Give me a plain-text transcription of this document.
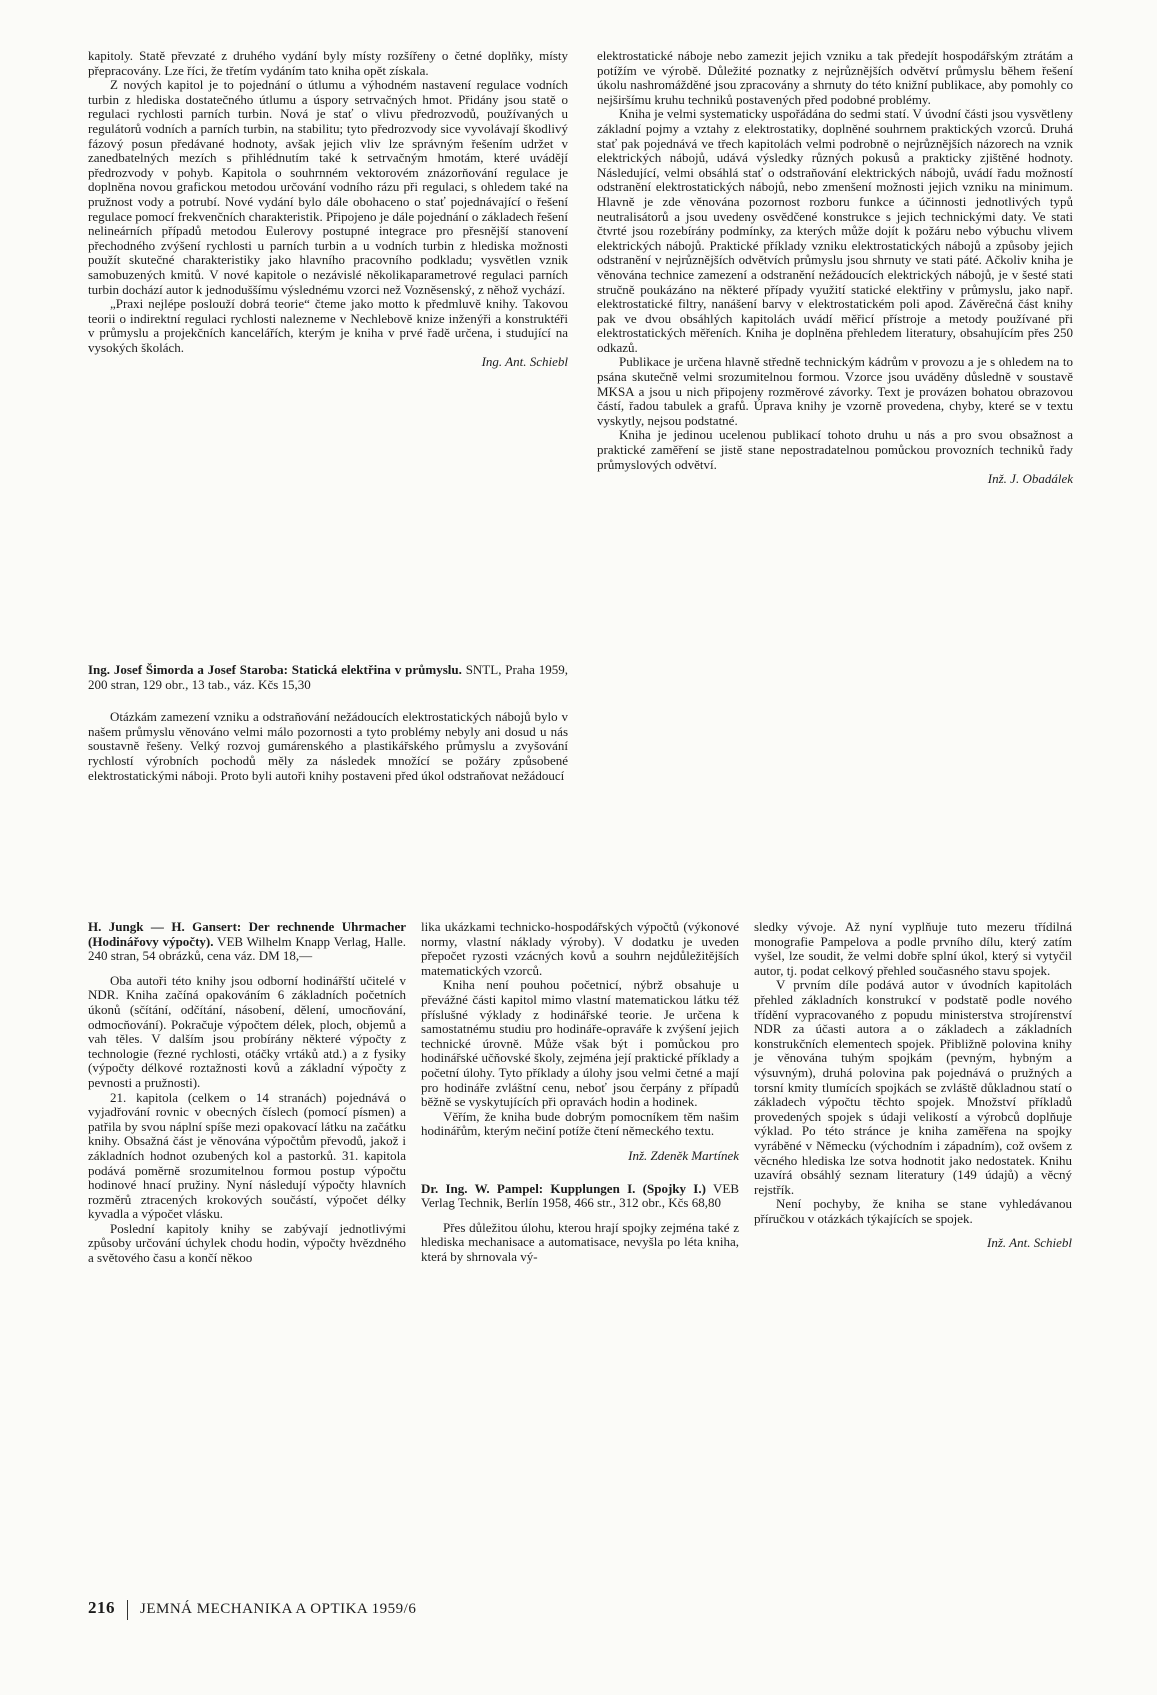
kapitoly. Statě převzaté z druhého vydání byly místy rozšířeny o četné doplňky, místy přepracovány. Lze říci, že třetím vydáním tato kniha opět získala.

Z nových kapitol je to pojednání o útlumu a výhodném nastavení regulace vodních turbin z hlediska dostatečného útlumu a úspory setrvačných hmot. Přidány jsou statě o regulaci rychlosti parních turbin. Nová je stať o vlivu předrozvodů, používaných u regulátorů vodních a parních turbin, na stabilitu; tyto předrozvody sice vyvolávají škodlivý fázový posun předávané hodnoty, avšak jejich vliv lze správným řešením udržet v zanedbatelných mezích s přihlédnutím také k setrvačným hmotám, které uvádějí předrozvody v pohyb. Kapitola o souhrnném vektorovém znázorňování regulace je doplněna novou grafickou metodou určování vodního rázu při regulaci, s ohledem také na pružnost vody a potrubí. Nové vydání bylo dále obohaceno o stať pojednávající o řešení regulace pomocí frekvenčních charakteristik. Připojeno je dále pojednání o základech řešení nelineárních případů metodou Eulerovy postupné integrace pro přesnější stanovení přechodného zvýšení rychlosti u parních turbin a u vodních turbin z hlediska možnosti použít skutečné charakteristiky jako hlavního pracovního podkladu; vysvětlen vznik samobuzených kmitů. V nové kapitole o nezávislé několikaparametrové regulaci parních turbin dochází autor k jednoduššímu výslednému vzorci než Vozněsenský, z něhož vychází.

„Praxi nejlépe poslouží dobrá teorie“ čteme jako motto k předmluvě knihy. Takovou teorii o indirektní regulaci rychlosti nalezneme v Nechlebově knize inženýři a konstruktéři v průmyslu a projekčních kancelářích, kterým je kniha v prvé řadě určena, i studující na vysokých školách.

Ing. Ant. Schiebl

Ing. Josef Šimorda a Josef Staroba: Statická elektřina v průmyslu. SNTL, Praha 1959, 200 stran, 129 obr., 13 tab., váz. Kčs 15,30

Otázkám zamezení vzniku a odstraňování nežádoucích elektrostatických nábojů bylo v našem průmyslu věnováno velmi málo pozornosti a tyto problémy nebyly ani dosud u nás soustavně řešeny. Velký rozvoj gumárenského a plastikářského průmyslu a zvyšování rychlostí výrobních pochodů měly za následek množící se požáry způsobené elektrostatickými náboji. Proto byli autoři knihy postaveni před úkol odstraňovat nežádoucí

elektrostatické náboje nebo zamezit jejich vzniku a tak předejít hospodářským ztrátám a potížím ve výrobě. Důležité poznatky z nejrůznějších odvětví průmyslu během řešení úkolu nashromážděné jsou zpracovány a shrnuty do této knižní publikace, aby pomohly co nejširšímu kruhu techniků postavených před podobné problémy.

Kniha je velmi systematicky uspořádána do sedmi statí. V úvodní části jsou vysvětleny základní pojmy a vztahy z elektrostatiky, doplněné souhrnem praktických vzorců. Druhá stať pak pojednává ve třech kapitolách velmi podrobně o nejrůznějších názorech na vznik elektrických nábojů, udává výsledky různých pokusů a prakticky zjištěné hodnoty. Následující, velmi obsáhlá stať o odstraňování elektrických nábojů, uvádí řadu možností odstranění elektrostatických nábojů, nebo zmenšení možnosti jejich vzniku na minimum. Hlavně je zde věnována pozornost rozboru funkce a účinnosti jednotlivých typů neutralisátorů a jsou uvedeny osvědčené konstrukce s jejich technickými daty. Ve stati čtvrté jsou rozebírány podmínky, za kterých může dojít k požáru nebo výbuchu vlivem elektrických nábojů. Praktické příklady vzniku elektrostatických nábojů a způsoby jejich odstranění v nejrůznějších odvětvích průmyslu jsou shrnuty ve stati páté. Ačkoliv kniha je věnována technice zamezení a odstranění nežádoucích elektrických nábojů, je v šesté stati stručně poukázáno na některé případy využití statické elektřiny v průmyslu, jako např. elektrostatické filtry, nanášení barvy v elektrostatickém poli apod. Závěrečná část knihy pak ve dvou obsáhlých kapitolách uvádí měřicí přístroje a metody používané při elektrostatických měřeních. Kniha je doplněna přehledem literatury, obsahujícím přes 250 odkazů.

Publikace je určena hlavně středně technickým kádrům v provozu a je s ohledem na to psána skutečně velmi srozumitelnou formou. Vzorce jsou uváděny důsledně v soustavě MKSA a jsou u nich připojeny rozměrové závorky. Text je provázen bohatou obrazovou částí, řadou tabulek a grafů. Úprava knihy je vzorně provedena, chyby, které se v textu vyskytly, nejsou podstatné.

Kniha je jedinou ucelenou publikací tohoto druhu u nás a pro svou obsažnost a praktické zaměření se jistě stane nepostradatelnou pomůckou provozních techniků řady průmyslových odvětví.

Inž. J. Obadálek

H. Jungk — H. Gansert: Der rechnende Uhrmacher (Hodinářovy výpočty). VEB Wilhelm Knapp Verlag, Halle. 240 stran, 54 obrázků, cena váz. DM 18,—

Oba autoři této knihy jsou odborní hodinářští učitelé v NDR. Kniha začíná opakováním 6 základních početních úkonů (sčítání, odčítání, násobení, dělení, umocňování, odmocňování). Pokračuje výpočtem délek, ploch, objemů a vah těles. V dalším jsou probírány některé výpočty z technologie (řezné rychlosti, otáčky vrtáků atd.) a z fysiky (výpočty délkové roztažnosti kovů a základní výpočty z pevnosti a pružnosti).

21. kapitola (celkem o 14 stranách) pojednává o vyjadřování rovnic v obecných číslech (pomocí písmen) a patřila by svou náplní spíše mezi opakovací látku na začátku knihy. Obsažná část je věnována výpočtům převodů, jakož i základních hodnot ozubených kol a pastorků. 31. kapitola podává poměrně srozumitelnou formou postup výpočtu hodinové hnací pružiny. Nyní následují výpočty hlavních rozměrů ztracených krokových součástí, výpočet délky kyvadla a výpočet vlásku.

Poslední kapitoly knihy se zabývají jednotlivými způsoby určování úchylek chodu hodin, výpočty hvězdného a světového času a končí někoo

lika ukázkami technicko-hospodářských výpočtů (výkonové normy, vlastní náklady výroby). V dodatku je uveden přepočet ryzosti vzácných kovů a souhrn nejdůležitějších matematických vzorců.

Kniha není pouhou početnicí, nýbrž obsahuje u převážné části kapitol mimo vlastní matematickou látku též příslušné výklady z hodinářské teorie. Je určena k samostatnému studiu pro hodináře-opraváře k zvýšení jejich technické úrovně. Může však být i pomůckou pro hodinářské učňovské školy, zejména její praktické příklady a početní úlohy. Tyto příklady a úlohy jsou velmi četné a mají pro hodináře zvláštní cenu, neboť jsou čerpány z případů běžně se vyskytujících při opravách hodin a hodinek.

Věřím, že kniha bude dobrým pomocníkem těm našim hodinářům, kterým nečiní potíže čtení německého textu.

Inž. Zdeněk Martínek

Dr. Ing. W. Pampel: Kupplungen I. (Spojky I.) VEB Verlag Technik, Berlín 1958, 466 str., 312 obr., Kčs 68,80

Přes důležitou úlohu, kterou hrají spojky zejména také z hlediska mechanisace a automatisace, nevyšla po léta kniha, která by shrnovala vý-

sledky vývoje. Až nyní vyplňuje tuto mezeru třídilná monografie Pampelova a podle prvního dílu, který zatím vyšel, lze soudit, že velmi dobře splní úkol, který si vytyčil autor, tj. podat celkový přehled současného stavu spojek.

V prvním díle podává autor v úvodních kapitolách přehled základních konstrukcí v podstatě podle nového třídění vypracovaného z popudu ministerstva strojírenství NDR za účasti autora a o základech a základních konstrukčních elementech spojek. Přibližně polovina knihy je věnována tuhým spojkám (pevným, hybným a výsuvným), druhá polovina pak pojednává o pružných a torsní kmity tlumících spojkách se zvláště důkladnou statí o základech výpočtu těchto spojek. Množství příkladů provedených spojek s údaji velikostí a výrobců doplňuje výklad. Po této stránce je kniha zaměřena na spojky vyráběné v Německu (východním i západním), což ovšem z věcného hlediska lze sotva hodnotit jako nedostatek. Knihu uzavírá obsáhlý seznam literatury (149 údajů) a věcný rejstřík.

Není pochyby, že kniha se stane vyhledávanou příručkou v otázkách týkajících se spojek.

Inž. Ant. Schiebl
216 JEMNÁ MECHANIKA A OPTIKA 1959/6
